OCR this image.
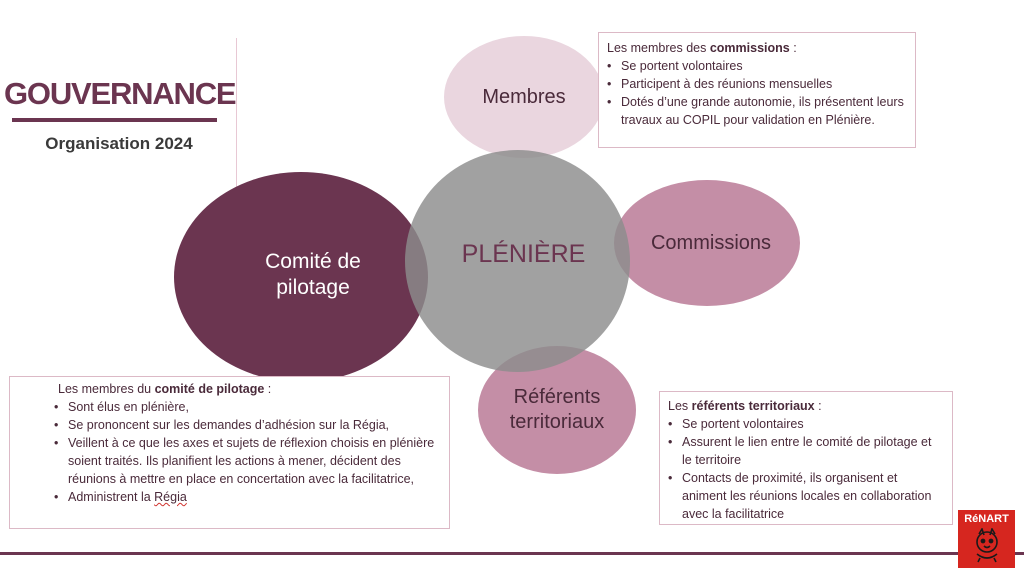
GOUVERNANCE
Organisation 2024
Membres
Commissions
Référents
territoriaux
Comité de
pilotage
PLÉNIÈRE
Les membres des commissions :
• Se portent volontaires
• Participent à des réunions mensuelles
• Dotés d’une grande autonomie, ils présentent leurs travaux au COPIL pour validation en Plénière.
Les membres du comité de pilotage :
• Sont élus en plénière,
• Se prononcent sur les demandes d’adhésion sur la Régia,
• Veillent à ce que les axes et sujets de réflexion choisis en plénière soient traités. Ils planifient les actions à mener, décident des réunions à mettre en place en concertation avec la facilitatrice,
• Administrent la Régia
Les référents territoriaux :
• Se portent volontaires
• Assurent le lien entre le comité de pilotage et le territoire
• Contacts de proximité, ils organisent et animent les réunions locales en collaboration avec la facilitatrice	RéNART
